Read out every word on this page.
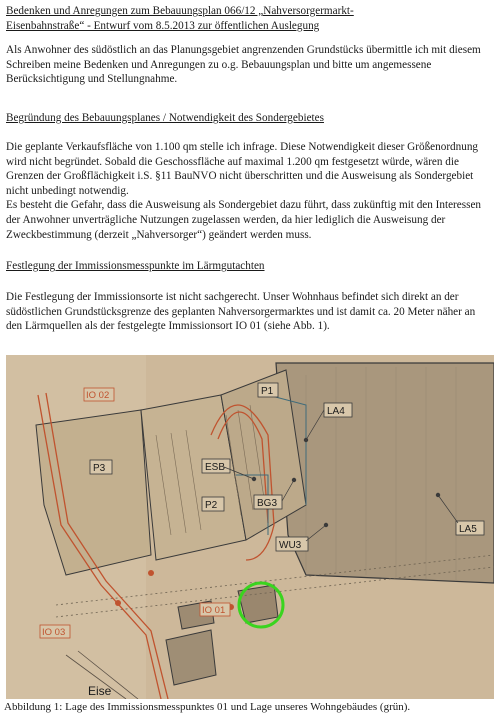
Bedenken und Anregungen zum Bebauungsplan 066/12 „Nahversorgermarkt-
Eisenbahnstraße“ - Entwurf vom 8.5.2013 zur öffentlichen Auslegung

Als Anwohner des südöstlich an das Planungsgebiet angrenzenden Grundstücks übermittle ich mit diesem Schreiben meine Bedenken und Anregungen zu o.g. Bebauungsplan und bitte um angemessene Berücksichtigung und Stellungnahme.

Begründung des Bebauungsplanes / Notwendigkeit des Sondergebietes

Die geplante Verkaufsfläche von 1.100 qm stelle ich infrage. Diese Notwendigkeit dieser Größenordnung wird nicht begründet. Sobald die Geschossfläche auf maximal 1.200 qm festgesetzt würde, wären die Grenzen der Großflächigkeit i.S. §11 BauNVO nicht überschritten und die Ausweisung als Sondergebiet nicht unbedingt notwendig.
Es besteht die Gefahr, dass die Ausweisung als Sondergebiet dazu führt, dass zukünftig mit den Interessen der Anwohner unverträgliche Nutzungen zugelassen werden, da hier lediglich die Ausweisung der Zweckbestimmung (derzeit „Nahversorger“) geändert werden muss.

Festlegung der Immissionsmesspunkte im Lärmgutachten

Die Festlegung der Immissionsorte ist nicht sachgerecht. Unser Wohnhaus befindet sich direkt an der südöstlichen Grundstücksgrenze des geplanten Nahversorgermarktes und ist damit ca. 20 Meter näher an den Lärmquellen als der festgelegte Immissionsort IO 01 (siehe Abb. 1).

IO 02
IO 03
IO 01
P1
P3
P2
ESB
BG3
WU3
LA4
LA5
Eise

Abbildung 1: Lage des Immissionsmesspunktes 01 und Lage unseres Wohngebäudes (grün).
